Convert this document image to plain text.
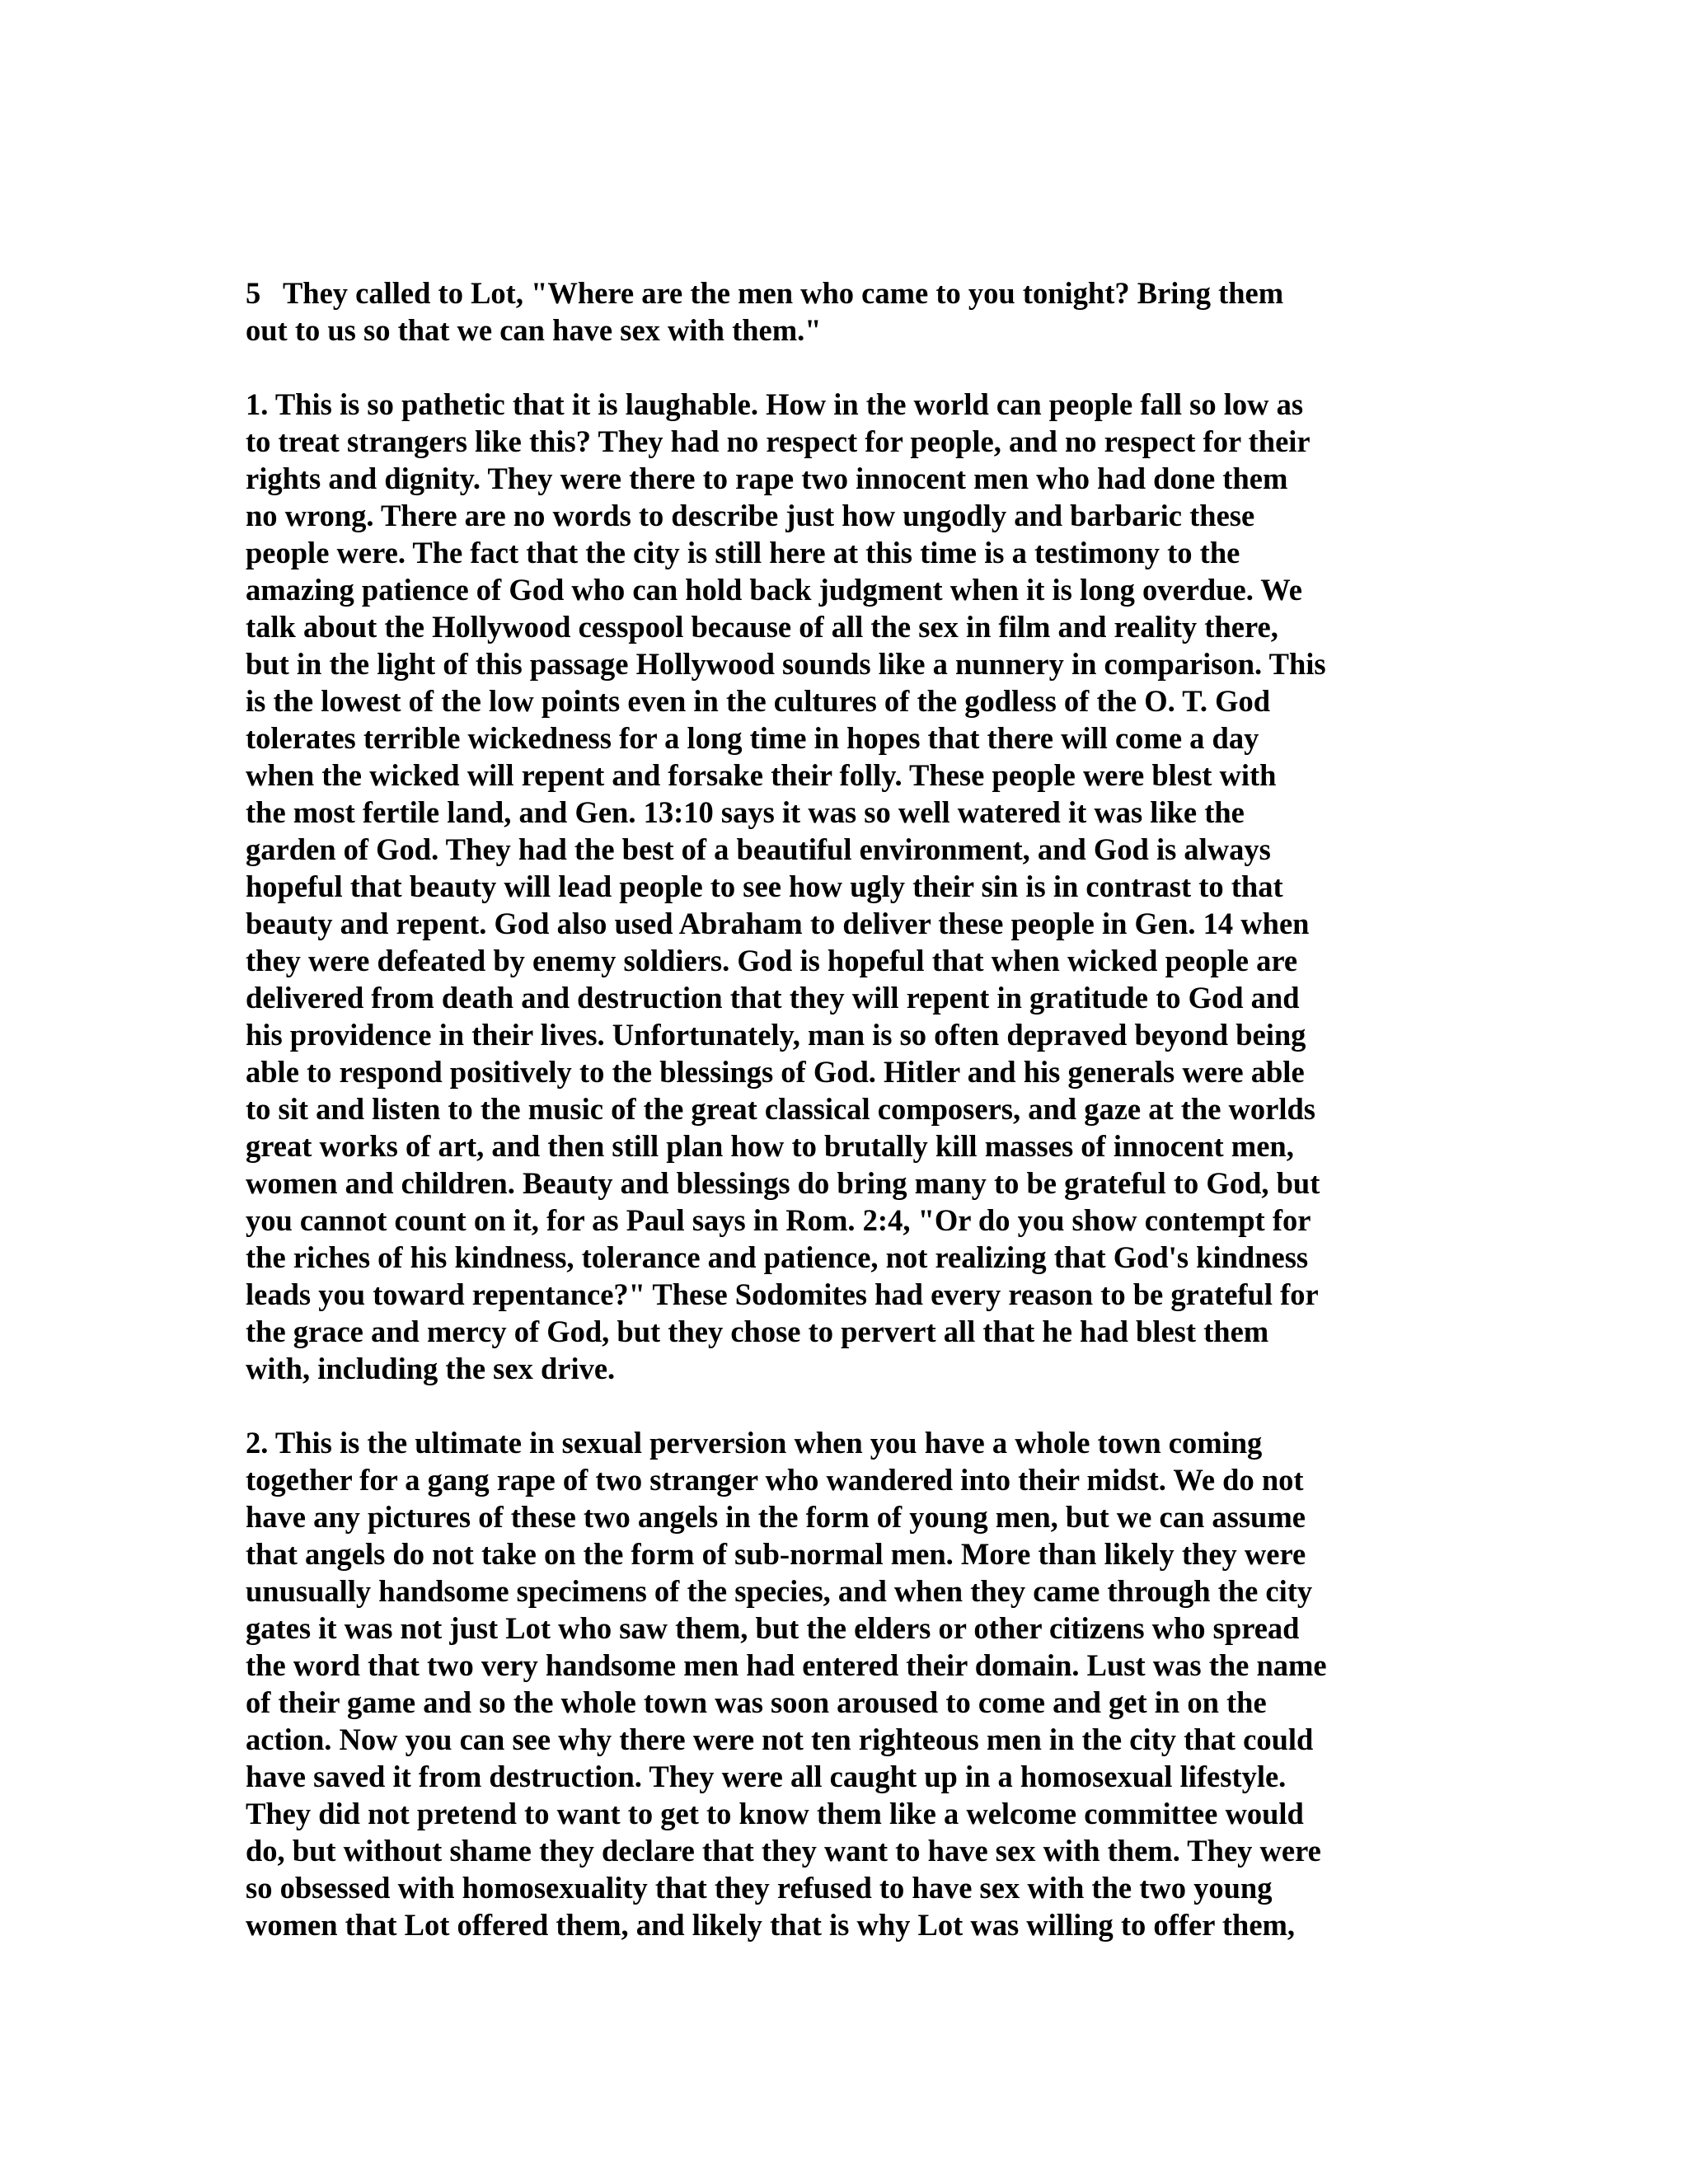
5   They called to Lot, "Where are the men who came to you tonight? Bring them
out to us so that we can have sex with them."
1. This is so pathetic that it is laughable. How in the world can people fall so low as
to treat strangers like this? They had no respect for people, and no respect for their
rights and dignity. They were there to rape two innocent men who had done them
no wrong. There are no words to describe just how ungodly and barbaric these
people were. The fact that the city is still here at this time is a testimony to the
amazing patience of God who can hold back judgment when it is long overdue. We
talk about the Hollywood cesspool because of all the sex in film and reality there,
but in the light of this passage Hollywood sounds like a nunnery in comparison. This
is the lowest of the low points even in the cultures of the godless of the O. T. God
tolerates terrible wickedness for a long time in hopes that there will come a day
when the wicked will repent and forsake their folly. These people were blest with
the most fertile land, and Gen. 13:10 says it was so well watered it was like the
garden of God. They had the best of a beautiful environment, and God is always
hopeful that beauty will lead people to see how ugly their sin is in contrast to that
beauty and repent. God also used Abraham to deliver these people in Gen. 14 when
they were defeated by enemy soldiers. God is hopeful that when wicked people are
delivered from death and destruction that they will repent in gratitude to God and
his providence in their lives. Unfortunately, man is so often depraved beyond being
able to respond positively to the blessings of God. Hitler and his generals were able
to sit and listen to the music of the great classical composers, and gaze at the worlds
great works of art, and then still plan how to brutally kill masses of innocent men,
women and children. Beauty and blessings do bring many to be grateful to God, but
you cannot count on it, for as Paul says in Rom. 2:4, "Or do you show contempt for
the riches of his kindness, tolerance and patience, not realizing that God's kindness
leads you toward repentance?" These Sodomites had every reason to be grateful for
the grace and mercy of God, but they chose to pervert all that he had blest them
with, including the sex drive.
2. This is the ultimate in sexual perversion when you have a whole town coming
together for a gang rape of two stranger who wandered into their midst. We do not
have any pictures of these two angels in the form of young men, but we can assume
that angels do not take on the form of sub-normal men. More than likely they were
unusually handsome specimens of the species, and when they came through the city
gates it was not just Lot who saw them, but the elders or other citizens who spread
the word that two very handsome men had entered their domain. Lust was the name
of their game and so the whole town was soon aroused to come and get in on the
action. Now you can see why there were not ten righteous men in the city that could
have saved it from destruction. They were all caught up in a homosexual lifestyle.
They did not pretend to want to get to know them like a welcome committee would
do, but without shame they declare that they want to have sex with them. They were
so obsessed with homosexuality that they refused to have sex with the two young
women that Lot offered them, and likely that is why Lot was willing to offer them,
